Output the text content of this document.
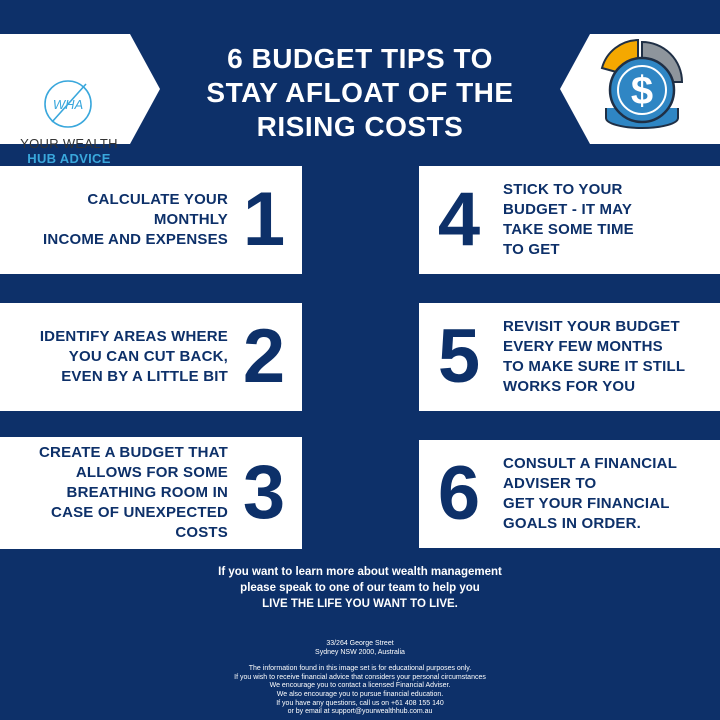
WHA
YOUR WEALTH
HUB ADVICE
6 BUDGET TIPS TO
STAY AFLOAT OF THE
RISING COSTS
$
CALCULATE YOUR
MONTHLY
INCOME AND EXPENSES 1
IDENTIFY AREAS WHERE
YOU CAN CUT BACK,
EVEN BY A LITTLE BIT 2
CREATE A BUDGET THAT
ALLOWS FOR SOME
BREATHING ROOM IN
CASE OF UNEXPECTED
COSTS 3
4	STICK TO YOUR
BUDGET - IT MAY
TAKE SOME TIME
TO GET
5	REVISIT YOUR BUDGET
EVERY FEW MONTHS
TO MAKE SURE IT STILL
WORKS FOR YOU
6	CONSULT A FINANCIAL
ADVISER TO
GET YOUR FINANCIAL
GOALS IN ORDER.
If you want to learn more about wealth management
please speak to one of our team to help you
LIVE THE LIFE YOU WANT TO LIVE.
33/264 George Street
Sydney NSW 2000, Australia
The information found in this image set is for educational purposes only.
If you wish to receive financial advice that considers your personal circumstances
We encourage you to contact a licensed Financial Adviser.
We also encourage you to pursue financial education.
If you have any questions, call us on +61 408 155 140
or by email at support@yourwealthhub.com.au
